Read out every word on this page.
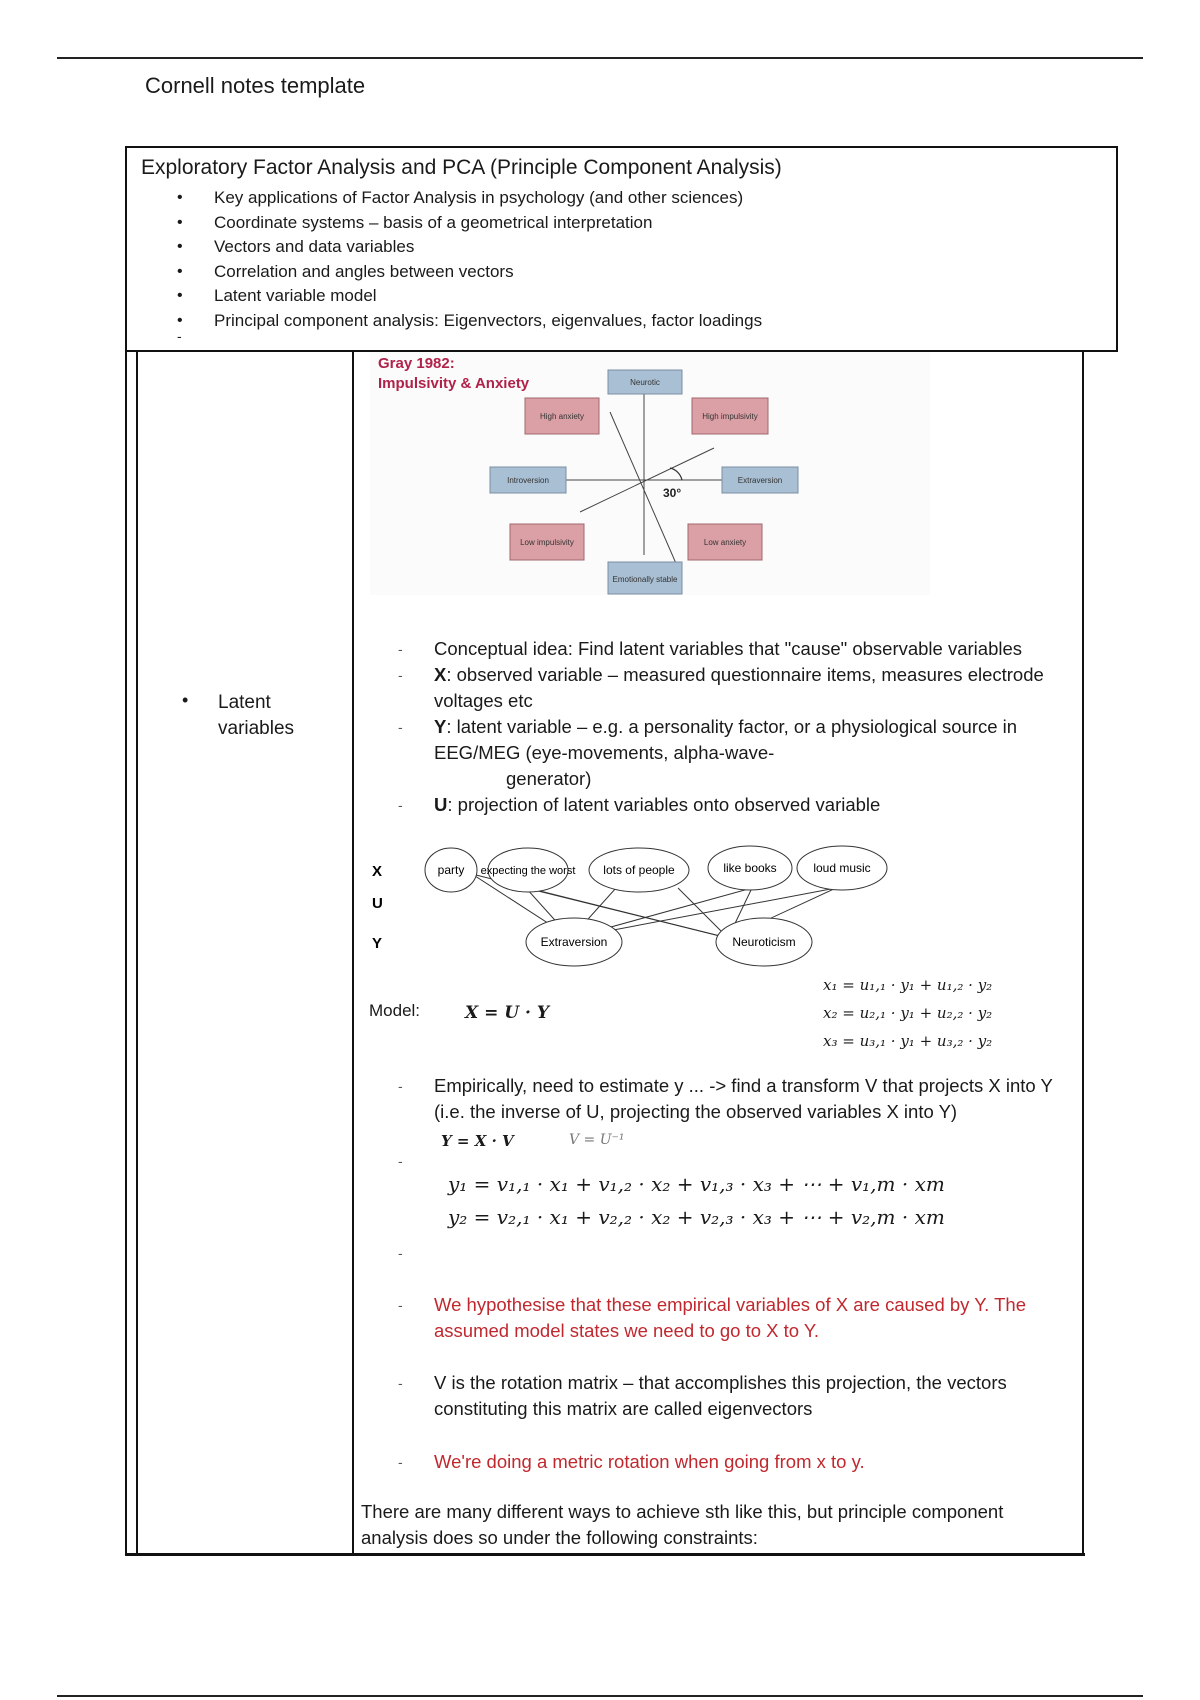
Cornell notes template
Exploratory Factor Analysis and PCA (Principle Component Analysis)
• Key applications of Factor Analysis in psychology (and other sciences)
• Coordinate systems – basis of a geometrical interpretation
• Vectors and data variables
• Correlation and angles between vectors
• Latent variable model
• Principal component analysis: Eigenvectors, eigenvalues, factor loadings
-
• Latent variables
Gray 1982:
Impulsivity & Anxiety
30°
Neurotic
Emotionally stable
Introversion	Extraversion
High anxiety	High impulsivity
Low impulsivity	Low anxiety
- Conceptual idea: Find latent variables that "cause" observable variables
- X: observed variable – measured questionnaire items, measures electrode voltages etc
- Y: latent variable – e.g. a personality factor, or a physiological source in EEG/MEG (eye-movements, alpha-wave-
generator)
- U: projection of latent variables onto observed variable
X
U
Y
party expecting the worst lots of people	like books	loud music
Extraversion	Neuroticism
Model:	X = U · Y
x₁ = u₁,₁ · y₁ + u₁,₂ · y₂
x₂ = u₂,₁ · y₁ + u₂,₂ · y₂
x₃ = u₃,₁ · y₁ + u₃,₂ · y₂
- Empirically, need to estimate y ... -> find a transform V that projects X into Y (i.e. the inverse of U, projecting the observed variables X into Y)
Y = X · V	V = U⁻¹
-
y₁ = v₁,₁ · x₁ + v₁,₂ · x₂ + v₁,₃ · x₃ + ⋯ + v₁,m · xm
y₂ = v₂,₁ · x₁ + v₂,₂ · x₂ + v₂,₃ · x₃ + ⋯ + v₂,m · xm
-
- We hypothesise that these empirical variables of X are caused by Y. The assumed model states we need to go to X to Y.
- V is the rotation matrix – that accomplishes this projection, the vectors constituting this matrix are called eigenvectors
- We're doing a metric rotation when going from x to y.
There are many different ways to achieve sth like this, but principle component analysis does so under the following constraints:
